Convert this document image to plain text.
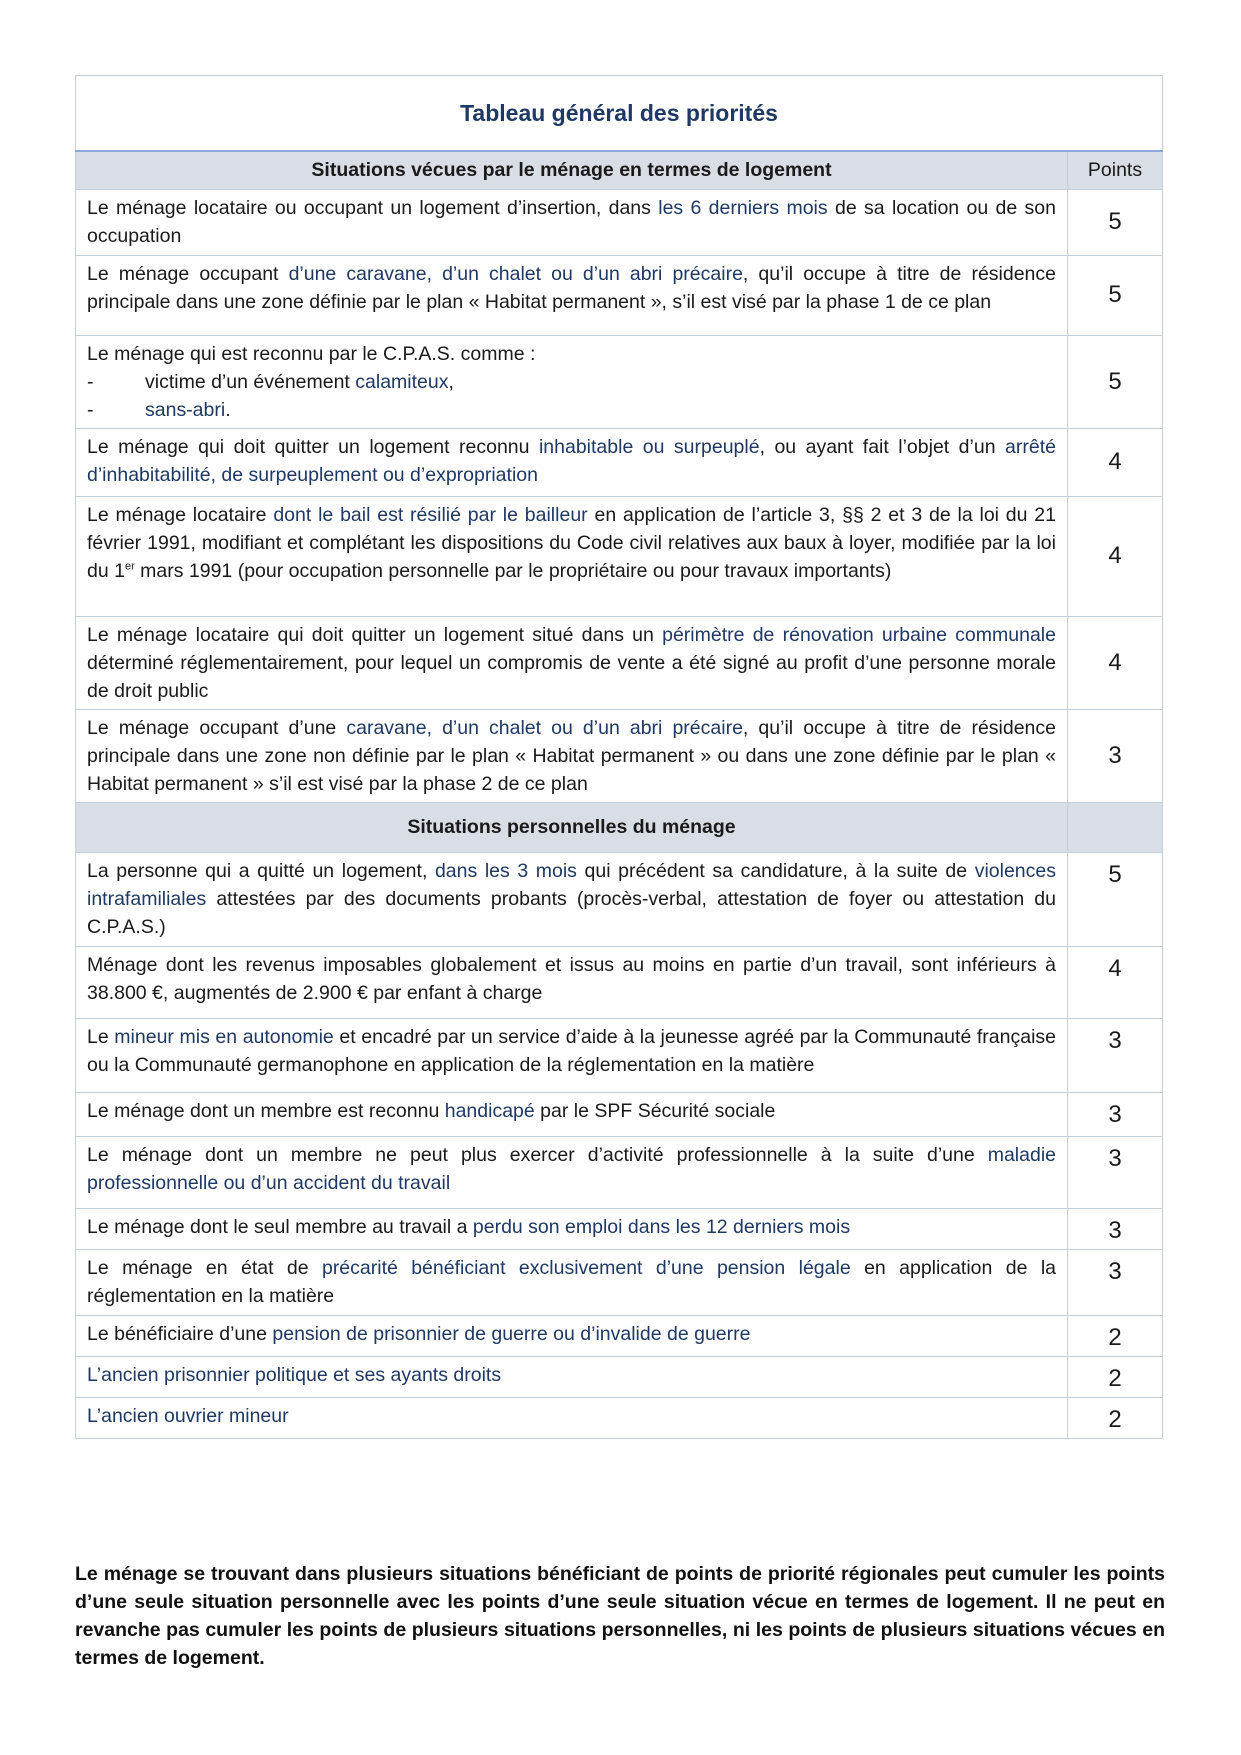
Tableau général des priorités	
Situations vécues par le ménage en termes de logement	Points
Le ménage locataire ou occupant un logement d’insertion, dans les 6 derniers mois de sa location ou de son occupation	5
Le ménage occupant d’une caravane, d’un chalet ou d’un abri précaire, qu’il occupe à titre de résidence principale dans une zone définie par le plan « Habitat permanent », s’il est visé par la phase 1 de ce plan	5

Le ménage qui est reconnu par le C.P.A.S. comme :
- victime d’un événement calamiteux,
- sans-abri.	5
Le ménage qui doit quitter un logement reconnu inhabitable ou surpeuplé, ou ayant fait l’objet d’un arrêté d’inhabitabilité, de surpeuplement ou d’expropriation	4
Le ménage locataire dont le bail est résilié par le bailleur en application de l’article 3, §§ 2 et 3 de la loi du 21 février 1991, modifiant et complétant les dispositions du Code civil relatives aux baux à loyer, modifiée par la loi du 1er mars 1991 (pour occupation personnelle par le propriétaire ou pour travaux importants)	4
Le ménage locataire qui doit quitter un logement situé dans un périmètre de rénovation urbaine communale déterminé réglementairement, pour lequel un compromis de vente a été signé au profit d’une personne morale de droit public	4
Le ménage occupant d’une caravane, d’un chalet ou d’un abri précaire, qu’il occupe à titre de résidence principale dans une zone non définie par le plan « Habitat permanent » ou dans une zone définie par le plan « Habitat permanent » s’il est visé par la phase 2 de ce plan	3
Situations personnelles du ménage	
La personne qui a quitté un logement, dans les 3 mois qui précédent sa candidature, à la suite de violences intrafamiliales attestées par des documents probants (procès-verbal, attestation de foyer ou attestation du C.P.A.S.)	5
Ménage dont les revenus imposables globalement et issus au moins en partie d’un travail, sont inférieurs à 38.800 €, augmentés de 2.900 € par enfant à charge	4
Le mineur mis en autonomie et encadré par un service d’aide à la jeunesse agréé par la Communauté française ou la Communauté germanophone en application de la réglementation en la matière	3
Le ménage dont un membre est reconnu handicapé par le SPF Sécurité sociale	3
Le ménage dont un membre ne peut plus exercer d’activité professionnelle à la suite d’une maladie professionnelle ou d’un accident du travail	3
Le ménage dont le seul membre au travail a perdu son emploi dans les 12 derniers mois	3
Le ménage en état de précarité bénéficiant exclusivement d’une pension légale en application de la réglementation en la matière	3
Le bénéficiaire d’une pension de prisonnier de guerre ou d’invalide de guerre	2
L’ancien prisonnier politique et ses ayants droits	2
L’ancien ouvrier mineur	2

Le ménage se trouvant dans plusieurs situations bénéficiant de points de priorité régionales peut cumuler les points d’une seule situation personnelle avec les points d’une seule situation vécue en termes de logement. Il ne peut en revanche pas cumuler les points de plusieurs situations personnelles, ni les points de plusieurs situations vécues en termes de logement.
